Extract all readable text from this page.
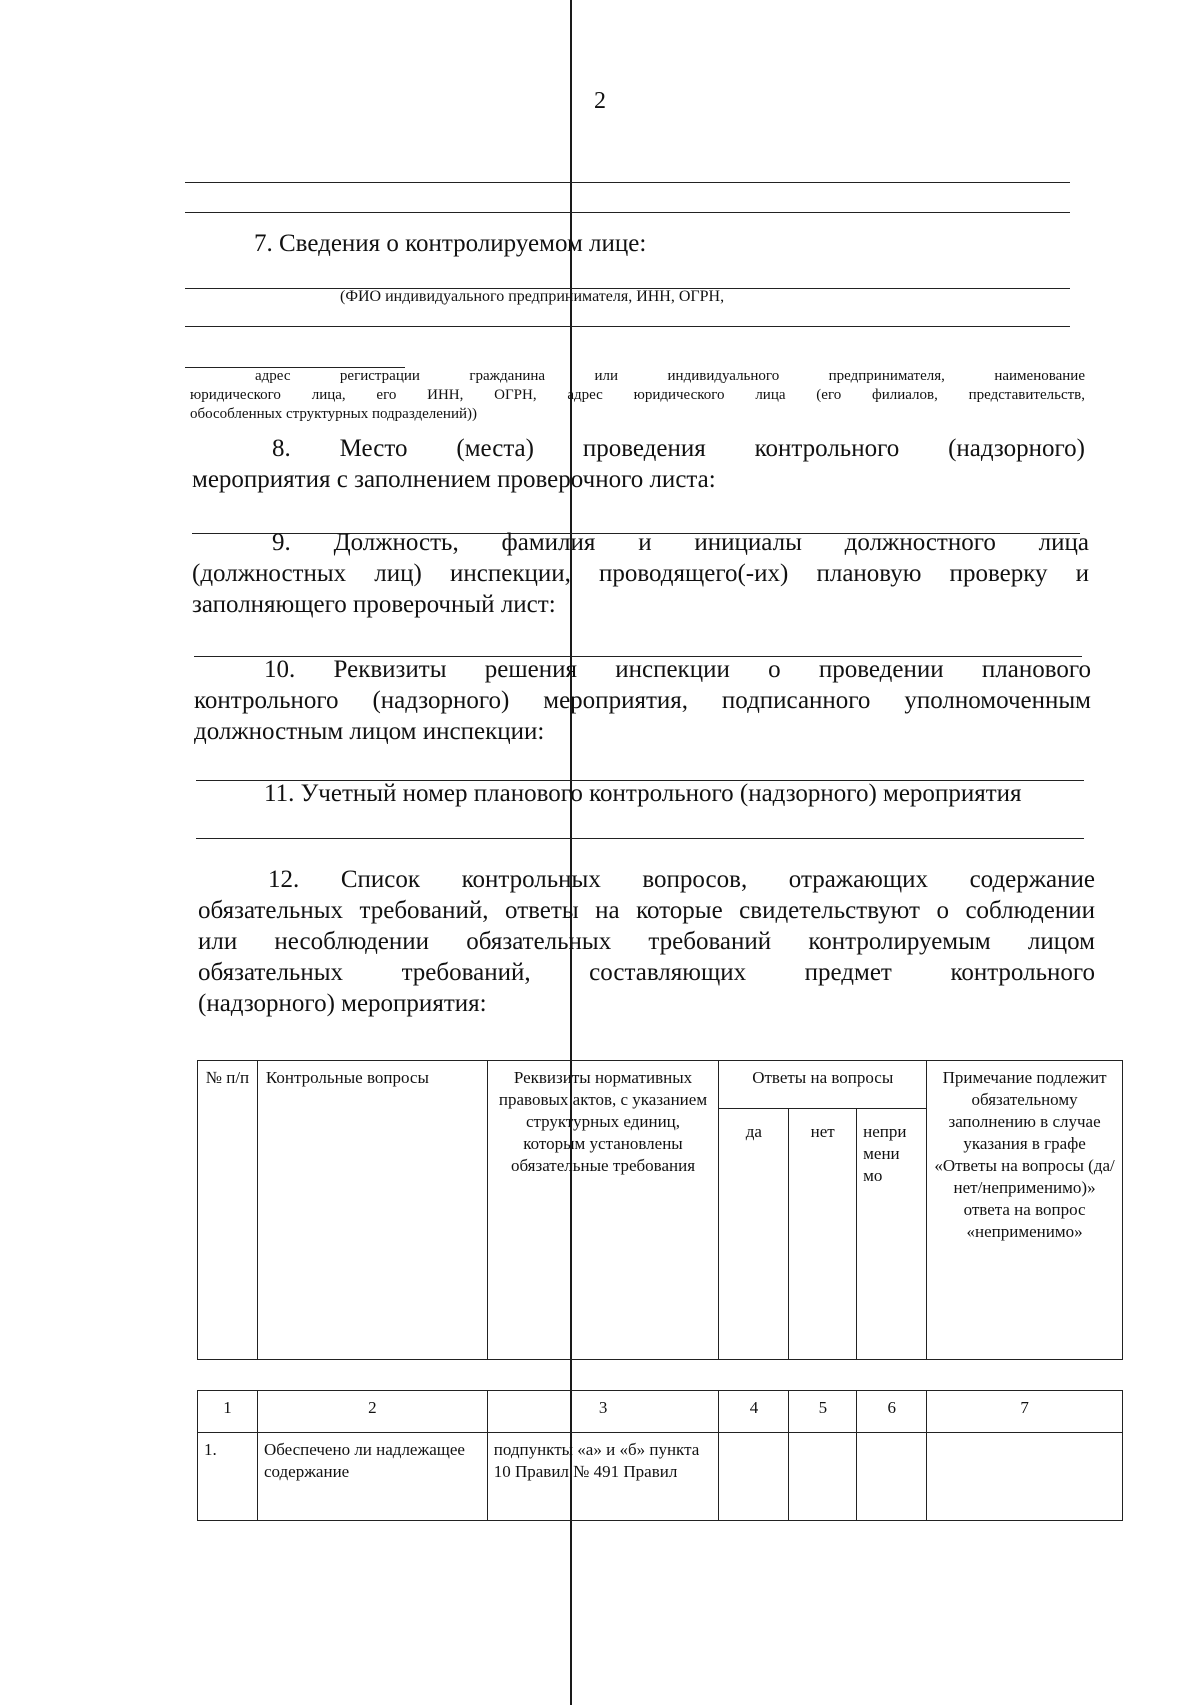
2
7. Сведения о контролируемом лице:
(ФИО индивидуального предпринимателя, ИНН, ОГРН,
адрес регистрации гражданина или индивидуального предпринимателя, наименование
юридического лица, его ИНН, ОГРН, адрес юридического лица (его филиалов, представительств,
обособленных структурных подразделений))
8. Место (места) проведения контрольного (надзорного)
мероприятия с заполнением проверочного листа:
9. Должность, фамилия и инициалы должностного лица
(должностных лиц) инспекции, проводящего(-их) плановую проверку и
заполняющего проверочный лист:
10. Реквизиты решения инспекции о проведении планового
контрольного (надзорного) мероприятия, подписанного уполномоченным
должностным лицом инспекции:
11. Учетный номер планового контрольного (надзорного) мероприятия
12. Список контрольных вопросов, отражающих содержание
обязательных требований, ответы на которые свидетельствуют о соблюдении
или несоблюдении обязательных требований контролируемым лицом
обязательных требований, составляющих предмет контрольного
(надзорного) мероприятия:
№ п/п	Контрольные вопросы	Реквизиты нормативных правовых актов, с указанием структурных единиц, которым установлены обязательные требования	Ответы на вопросы			Примечание подлежит обязательному заполнению в случае указания в графе «Ответы на вопросы (да/нет/неприменимо)» ответа на вопрос «неприменимо»
			да	нет	непри мени мо	
1	2	3	4	5	6	7
1.	Обеспечено ли надлежащее содержание	подпункты «а» и «б» пункта 10 Правил № 491 Правил				
